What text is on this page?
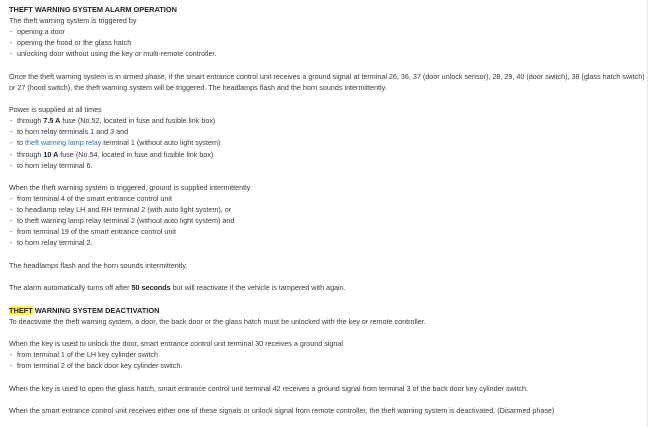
THEFT WARNING SYSTEM ALARM OPERATION

The theft warning system is triggered by

- opening a door
- opening the hood or the glass hatch
- unlocking door without using the key or multi-remote controller.

Once the theft warning system is in armed phase, if the smart entrance control unit receives a ground signal at terminal 26, 36, 37 (door unlock sensor), 28, 29, 40 (door switch), 38 (glass hatch switch) or 27 (hood switch), the theft warning system will be triggered. The headlamps flash and the horn sounds intermittently.

Power is supplied at all times

- through 7.5 A fuse (No.52, located in fuse and fusible link box)
- to horn relay terminals 1 and 3 and
- to theft warning lamp relay terminal 1 (without auto light system)
- through 10 A fuse (No.54, located in fuse and fusible link box)
- to horn relay terminal 6.

When the theft warning system is triggered, ground is supplied intermittently

- from terminal 4 of the smart entrance control unit
- to headlamp relay LH and RH terminal 2 (with auto light system), or
- to theft warning lamp relay terminal 2 (without auto light system) and
- from terminal 19 of the smart entrance control unit
- to horn relay terminal 2.

The headlamps flash and the horn sounds intermittently.

The alarm automatically turns off after 50 seconds but will reactivate if the vehicle is tampered with again.

THEFT WARNING SYSTEM DEACTIVATION

To deactivate the theft warning system, a door, the back door or the glass hatch must be unlocked with the key or remote controller.

When the key is used to unlock the door, smart entrance control unit terminal 30 receives a ground signal

- from terminal 1 of the LH key cylinder switch
- from terminal 2 of the back door key cylinder switch.

When the key is used to open the glass hatch, smart entrance control unit terminal 42 receives a ground signal from terminal 3 of the back door key cylinder switch.

When the smart entrance control unit receives either one of these signals or unlock signal from remote controller, the theft warning system is deactivated. (Disarmed phase)
